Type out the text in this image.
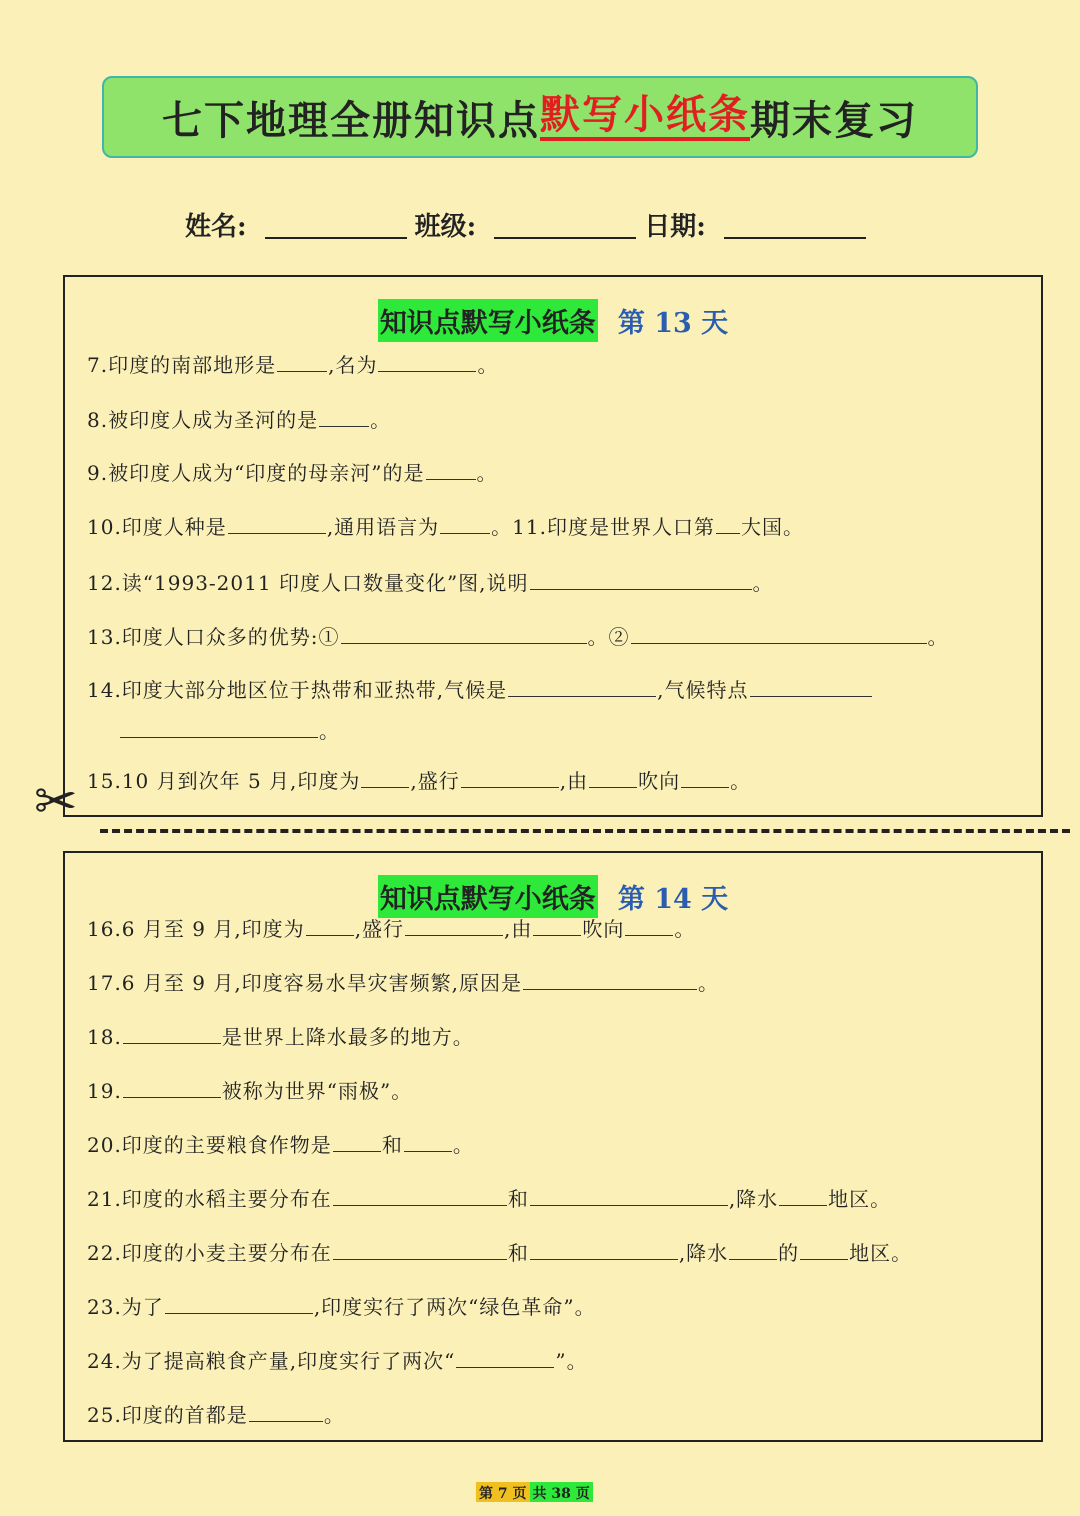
七下地理全册知识点 默写小纸条 期末复习
姓名:	班级:	日期:
知识点默写小纸条 第 13 天
7.印度的南部地形是	,名为	。
8.被印度人成为圣河的是	。
9.被印度人成为“印度的母亲河”的是	。
10.印度人种是	,通用语言为	。11.印度是世界人口第 大国。
12.读“1993-2011 印度人口数量变化”图,说明	。
13.印度人口众多的优势:①	。②	。
14.印度大部分地区位于热带和亚热带,气候是	,气候特点
。
15.10 月到次年 5 月,印度为	,盛行	,由	吹向	。
✂
知识点默写小纸条 第 14 天
16.6 月至 9 月,印度为	,盛行	,由	吹向	。
17.6 月至 9 月,印度容易水旱灾害频繁,原因是	。
18.	是世界上降水最多的地方。
19.	被称为世界“雨极”。
20.印度的主要粮食作物是	和	。
21.印度的水稻主要分布在	和	,降水	地区。
22.印度的小麦主要分布在	和	,降水	的	地区。
23.为了	,印度实行了两次“绿色革命”。
24.为了提高粮食产量,印度实行了两次“	”。
25.印度的首都是	。
第 7 页 共 38 页
